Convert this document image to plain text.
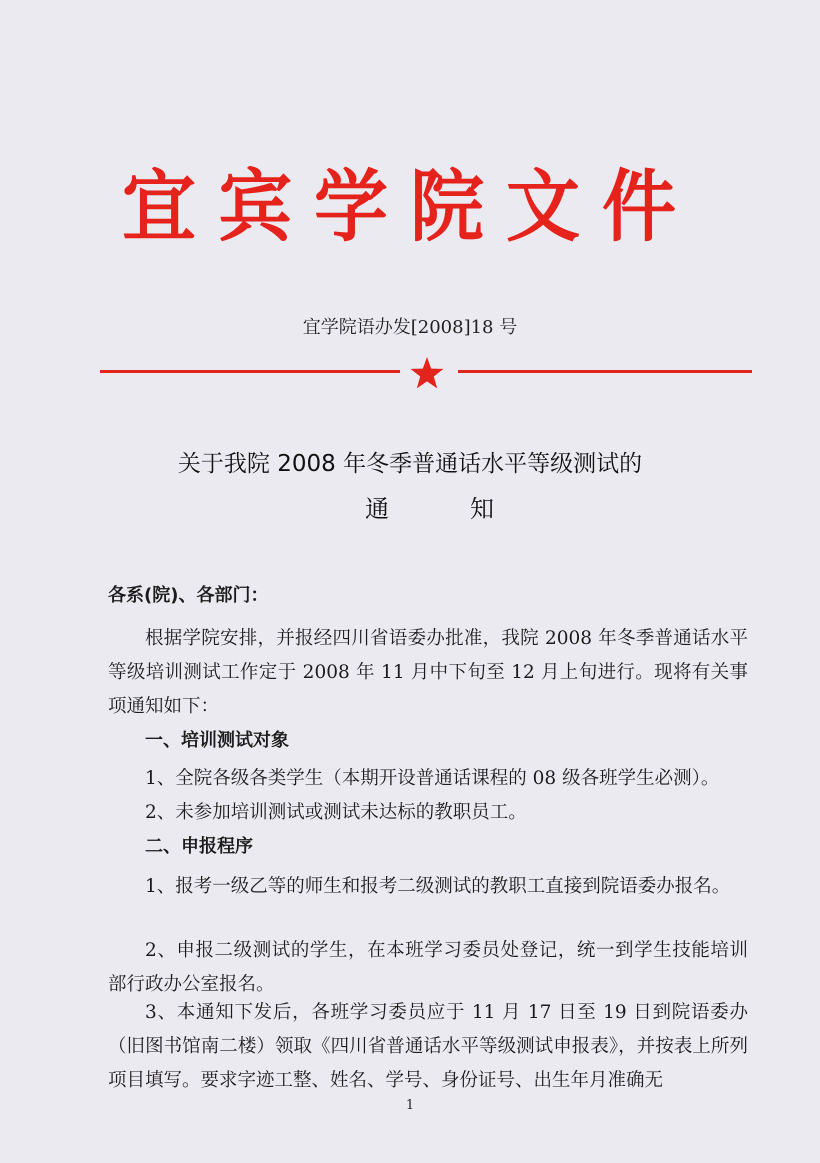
宜宾学院文件
宜学院语办发[2008]18 号
关于我院 2008 年冬季普通话水平等级测试的
通	知
各系(院)、各部门：
根据学院安排，并报经四川省语委办批准，我院 2008 年冬季普通话水平等级培训测试工作定于 2008 年 11 月中下旬至 12 月上旬进行。现将有关事项通知如下：
一、培训测试对象
1、全院各级各类学生（本期开设普通话课程的 08 级各班学生必测）。
2、未参加培训测试或测试未达标的教职员工。
二、申报程序
1、报考一级乙等的师生和报考二级测试的教职工直接到院语委办报名。
2、申报二级测试的学生，在本班学习委员处登记，统一到学生技能培训部行政办公室报名。
3、本通知下发后，各班学习委员应于 11 月 17 日至 19 日到院语委办（旧图书馆南二楼）领取《四川省普通话水平等级测试申报表》，并按表上所列项目填写。要求字迹工整、姓名、学号、身份证号、出生年月准确无
1
